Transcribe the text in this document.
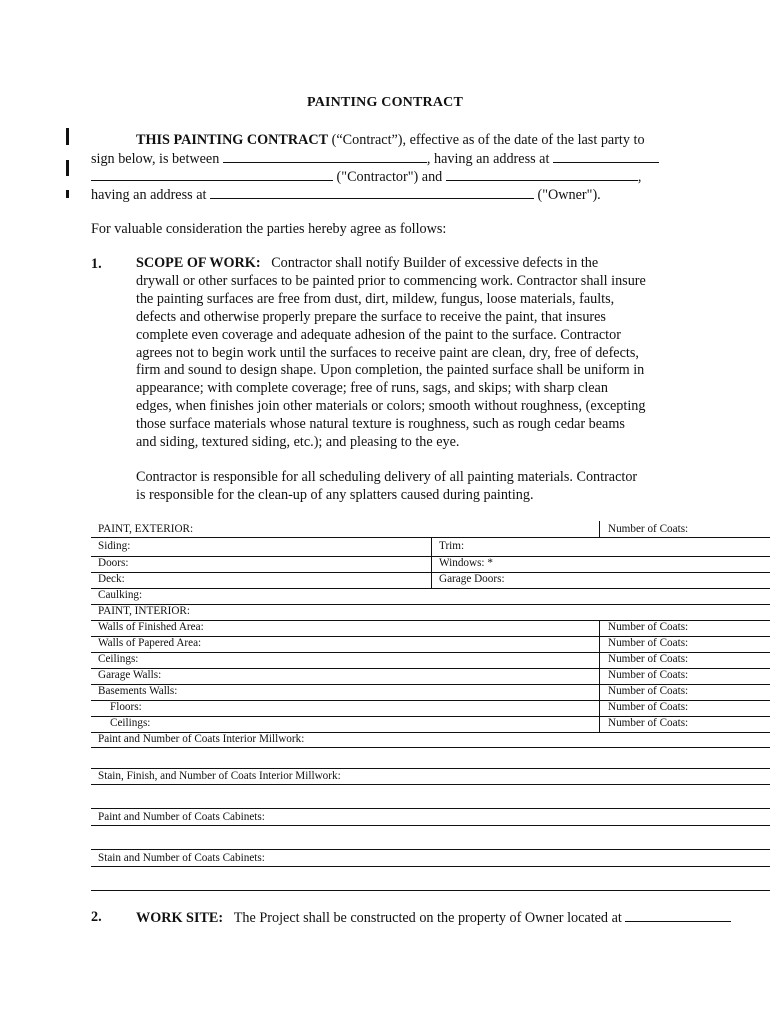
PAINTING CONTRACT
THIS PAINTING CONTRACT (“Contract”), effective as of the date of the last party to
sign below, is between	, having an address at
("Contractor") and	,
having an address at	("Owner").
For valuable consideration the parties hereby agree as follows:
1. SCOPE OF WORK: Contractor shall notify Builder of excessive defects in the
drywall or other surfaces to be painted prior to commencing work. Contractor shall insure
the painting surfaces are free from dust, dirt, mildew, fungus, loose materials, faults,
defects and otherwise properly prepare the surface to receive the paint, that insures
complete even coverage and adequate adhesion of the paint to the surface. Contractor
agrees not to begin work until the surfaces to receive paint are clean, dry, free of defects,
firm and sound to design shape. Upon completion, the painted surface shall be uniform in
appearance; with complete coverage; free of runs, sags, and skips; with sharp clean
edges, when finishes join other materials or colors; smooth without roughness, (excepting
those surface materials whose natural texture is roughness, such as rough cedar beams
and siding, textured siding, etc.); and pleasing to the eye.

Contractor is responsible for all scheduling delivery of all painting materials. Contractor
is responsible for the clean-up of any splatters caused during painting.

PAINT, EXTERIOR:	Number of Coats:
Siding:	Trim:
Doors:	Windows: *
Deck:	Garage Doors:
Caulking:
PAINT, INTERIOR:
Walls of Finished Area:	Number of Coats:
Walls of Papered Area:	Number of Coats:
Ceilings:	Number of Coats:
Garage Walls:	Number of Coats:
Basements Walls:	Number of Coats:
Floors:	Number of Coats:
Ceilings:	Number of Coats:
Paint and Number of Coats Interior Millwork:
Stain, Finish, and Number of Coats Interior Millwork:
Paint and Number of Coats Cabinets:
Stain and Number of Coats Cabinets:
2. WORK SITE: The Project shall be constructed on the property of Owner located at
